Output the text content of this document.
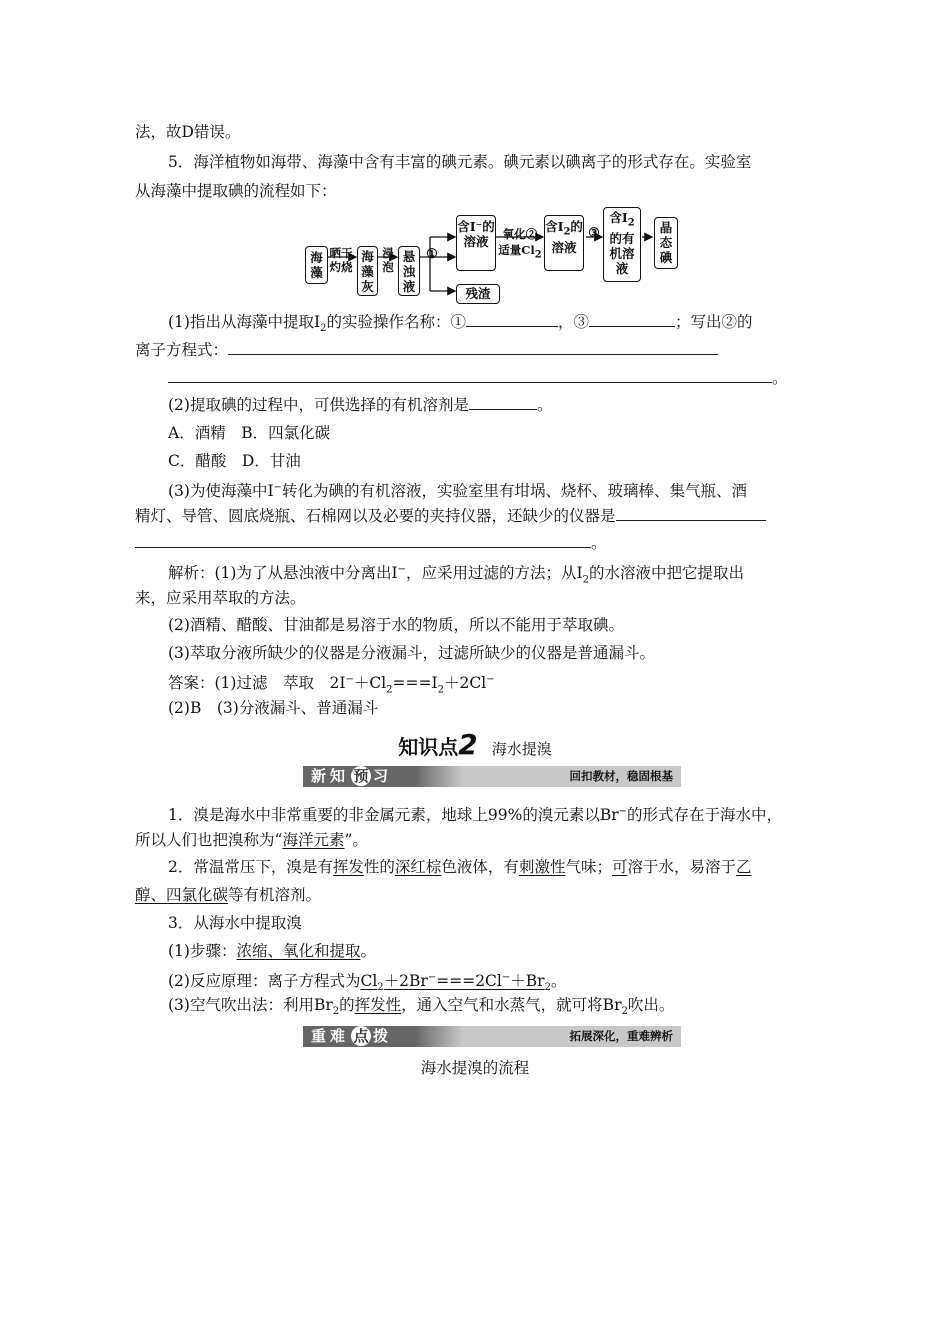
法，故D错误。
5．海洋植物如海带、海藻中含有丰富的碘元素。碘元素以碘离子的形式存在。实验室
从海藻中提取碘的流程如下：
海藻
晒干灼烧
海藻灰
浸泡
悬浊液
①
含I⁻的溶液	氧化②
适量$Cl_2$
含$I_2$的溶液
③
含$I_2$的有机溶液
晶态碘
残渣
(1)指出从海藻中提取$I_2$的实验操作名称：①	，③	；写出②的
离子方程式：
。
(2)提取碘的过程中，可供选择的有机溶剂是	。
A．酒精　B．四氯化碳
C．醋酸　D．甘油
(3)为使海藻中I−转化为碘的有机溶液，实验室里有坩埚、烧杯、玻璃棒、集气瓶、酒
精灯、导管、圆底烧瓶、石棉网以及必要的夹持仪器，还缺少的仪器是
。
解析：(1)为了从悬浊液中分离出I−，应采用过滤的方法；从$I_2$的水溶液中把它提取出
来，应采用萃取的方法。
(2)酒精、醋酸、甘油都是易溶于水的物质，所以不能用于萃取碘。
(3)萃取分液所缺少的仪器是分液漏斗，过滤所缺少的仪器是普通漏斗。
答案：(1)过滤　萃取　$2I^-+Cl_2===I_2+2Cl^-$
(2)B　(3)分液漏斗、普通漏斗
知识点2 海水提溴
新知 预 习	回扣教材，稳固根基
1．溴是海水中非常重要的非金属元素，地球上99%的溴元素以Br−的形式存在于海水中，
所以人们也把溴称为“海洋元素”。
2．常温常压下，溴是有挥发性的深红棕色液体，有刺激性气味；可溶于水，易溶于乙
醇、四氯化碳等有机溶剂。
3．从海水中提取溴
(1)步骤：浓缩、氧化和提取。
(2)反应原理：离子方程式为$Cl_2+2Br^-===2Cl^-+Br_2$。
(3)空气吹出法：利用$Br_2$的挥发性，通入空气和水蒸气，就可将$Br_2$吹出。
重难 点 拨	拓展深化，重难辨析
海水提溴的流程
